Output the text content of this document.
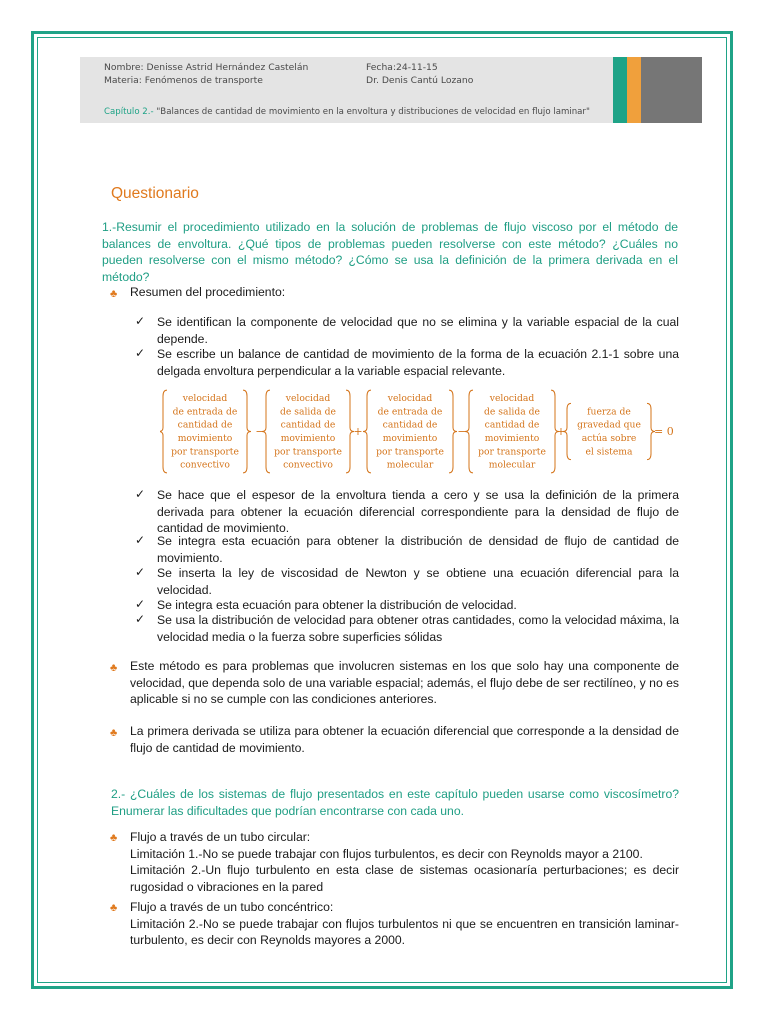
Nombre: Denisse Astrid Hernández Castelán
Materia: Fenómenos de transporte
Fecha:24-11-15
Dr. Denis Cantú Lozano
Capítulo 2.- "Balances de cantidad de movimiento en la envoltura y distribuciones de velocidad en flujo laminar"
Questionario
1.-Resumir el procedimiento utilizado en la solución de problemas de flujo viscoso por el método de balances de envoltura. ¿Qué tipos de problemas pueden resolverse con este método? ¿Cuáles no pueden resolverse con el mismo método? ¿Cómo se usa la definición de la primera derivada en el método?
♣ Resumen del procedimiento:
✓ Se identifican la componente de velocidad que no se elimina y la variable espacial de la cual depende.
✓ Se escribe un balance de cantidad de movimiento de la forma de la ecuación 2.1-1 sobre una delgada envoltura perpendicular a la variable espacial relevante.
velocidad
de entrada de
cantidad de
movimiento
por transporte
convectivo
velocidad
de salida de
cantidad de
movimiento
por transporte
convectivo
velocidad
de entrada de
cantidad de
movimiento
por transporte
molecular
velocidad
de salida de
cantidad de
movimiento
por transporte
molecular
fuerza de
gravedad que
actúa sobre
el sistema
−	+	−	+	= 0
✓ Se hace que el espesor de la envoltura tienda a cero y se usa la definición de la primera derivada para obtener la ecuación diferencial correspondiente para la densidad de flujo de cantidad de movimiento.
✓ Se integra esta ecuación para obtener la distribución de densidad de flujo de cantidad de movimiento.
✓ Se inserta la ley de viscosidad de Newton y se obtiene una ecuación diferencial para la velocidad.
✓ Se integra esta ecuación para obtener la distribución de velocidad.
✓ Se usa la distribución de velocidad para obtener otras cantidades, como la velocidad máxima, la velocidad media o la fuerza sobre superficies sólidas
♣ Este método es para problemas que involucren sistemas en los que solo hay una componente de velocidad, que dependa solo de una variable espacial; además, el flujo debe de ser rectilíneo, y no es aplicable si no se cumple con las condiciones anteriores.
♣ La primera derivada se utiliza para obtener la ecuación diferencial que corresponde a la densidad de flujo de cantidad de movimiento.
2.- ¿Cuáles de los sistemas de flujo presentados en este capítulo pueden usarse como viscosímetro? Enumerar las dificultades que podrían encontrarse con cada uno.
♣ Flujo a través de un tubo circular:
Limitación 1.-No se puede trabajar con flujos turbulentos, es decir con Reynolds mayor a 2100.
Limitación 2.-Un flujo turbulento en esta clase de sistemas ocasionaría perturbaciones; es decir rugosidad o vibraciones en la pared
♣ Flujo a través de un tubo concéntrico:
Limitación 2.-No se puede trabajar con flujos turbulentos ni que se encuentren en transición laminar-turbulento, es decir con Reynolds mayores a 2000.
